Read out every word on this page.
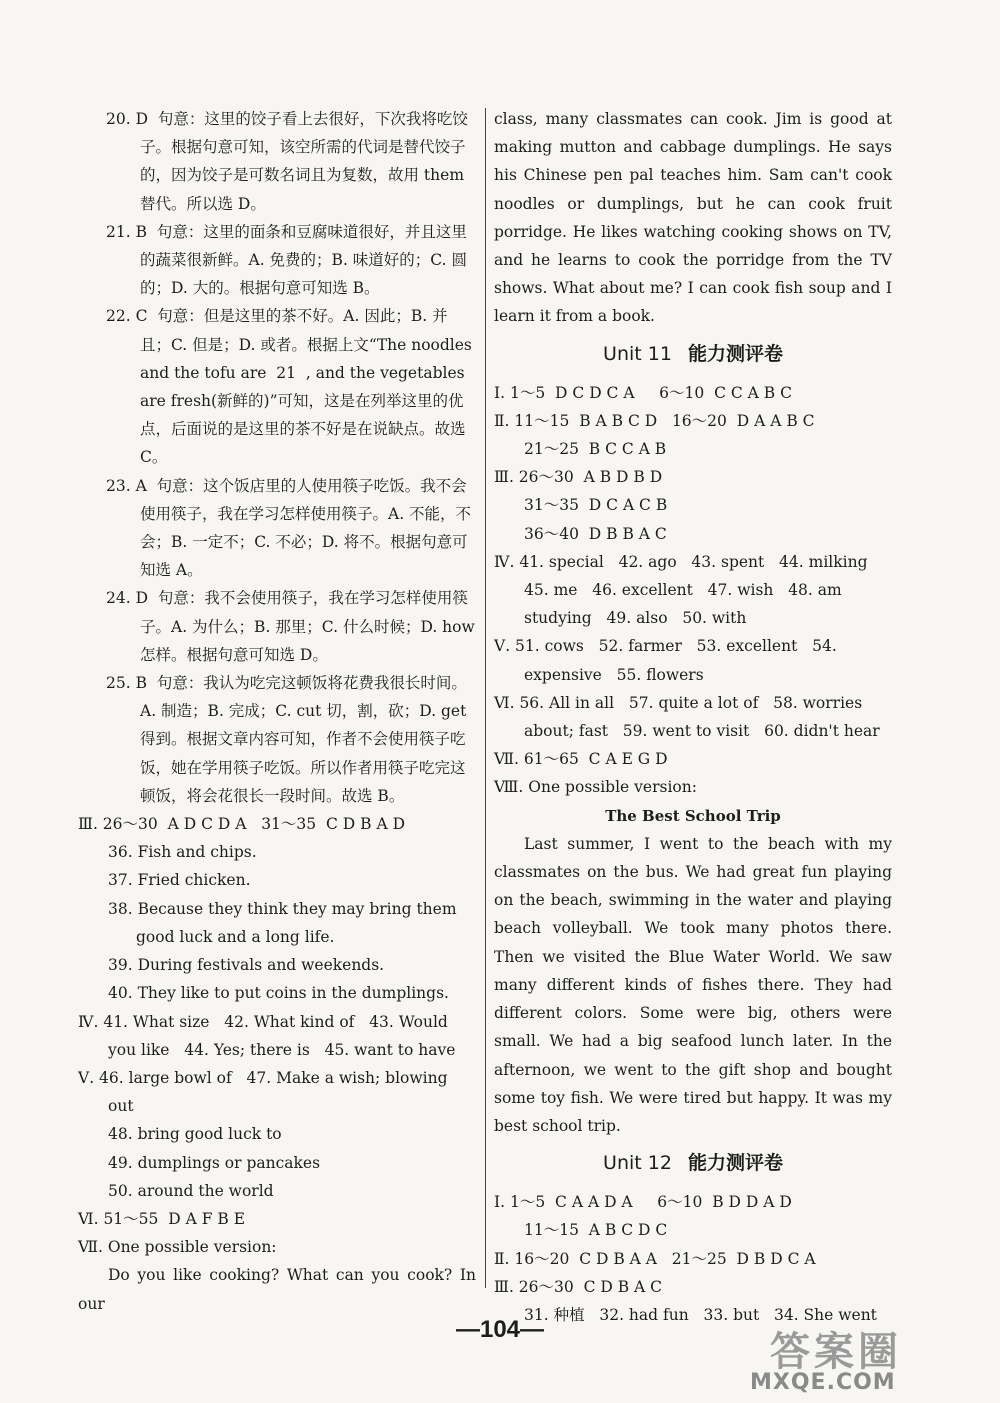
20. D  句意：这里的饺子看上去很好，下次我将吃饺子。根据句意可知，该空所需的代词是替代饺子的，因为饺子是可数名词且为复数，故用 them 替代。所以选 D。

21. B  句意：这里的面条和豆腐味道很好，并且这里的蔬菜很新鲜。A. 免费的；B. 味道好的；C. 圆的；D. 大的。根据句意可知选 B。

22. C  句意：但是这里的茶不好。A. 因此；B. 并且；C. 但是；D. 或者。根据上文“The noodles and the tofu are  21  , and the vegetables are fresh(新鲜的)”可知，这是在列举这里的优点，后面说的是这里的茶不好是在说缺点。故选 C。

23. A  句意：这个饭店里的人使用筷子吃饭。我不会使用筷子，我在学习怎样使用筷子。A. 不能，不会；B. 一定不；C. 不必；D. 将不。根据句意可知选 A。

24. D  句意：我不会使用筷子，我在学习怎样使用筷子。A. 为什么；B. 那里；C. 什么时候；D. how 怎样。根据句意可知选 D。

25. B  句意：我认为吃完这顿饭将花费我很长时间。A. 制造；B. 完成；C. cut 切，割，砍；D. get 得到。根据文章内容可知，作者不会使用筷子吃饭，她在学用筷子吃饭。所以作者用筷子吃完这顿饭，将会花很长一段时间。故选 B。

Ⅲ. 26～30  A D C D A   31～35  C D B A D

36. Fish and chips.

37. Fried chicken.

38. Because they think they may bring them good luck and a long life.

39. During festivals and weekends.

40. They like to put coins in the dumplings.

Ⅳ. 41. What size   42. What kind of   43. Would you like   44. Yes; there is   45. want to have

Ⅴ. 46. large bowl of   47. Make a wish; blowing out

48. bring good luck to

49. dumplings or pancakes

50. around the world

Ⅵ. 51～55  D A F B E

Ⅶ. One possible version:

Do you like cooking? What can you cook? In our

class, many classmates can cook. Jim is good at making mutton and cabbage dumplings. He says his Chinese pen pal teaches him. Sam can't cook noodles or dumplings, but he can cook fruit porridge. He likes watching cooking shows on TV, and he learns to cook the porridge from the TV shows. What about me? I can cook fish soup and I learn it from a book.

Unit 11 能力测评卷

Ⅰ. 1～5  D C D C A     6～10  C C A B C

Ⅱ. 11～15  B A B C D   16～20  D A A B C

21～25  B C C A B

Ⅲ. 26～30  A B D B D

31～35  D C A C B

36～40  D B B A C

Ⅳ. 41. special   42. ago   43. spent   44. milking   45. me   46. excellent   47. wish   48. am studying   49. also   50. with

Ⅴ. 51. cows   52. farmer   53. excellent   54. expensive   55. flowers

Ⅵ. 56. All in all   57. quite a lot of   58. worries about; fast   59. went to visit   60. didn't hear

Ⅶ. 61～65  C A E G D

Ⅷ. One possible version:

The Best School Trip

Last summer, I went to the beach with my classmates on the bus. We had great fun playing on the beach, swimming in the water and playing beach volleyball. We took many photos there. Then we visited the Blue Water World. We saw many different kinds of fishes there. They had different colors. Some were big, others were small. We had a big seafood lunch later. In the afternoon, we went to the gift shop and bought some toy fish. We were tired but happy. It was my best school trip.

Unit 12 能力测评卷

Ⅰ. 1～5  C A A D A     6～10  B D D A D

11～15  A B C D C

Ⅱ. 16～20  C D B A A   21～25  D B D C A

Ⅲ. 26～30  C D B A C

31. 种植   32. had fun   33. but   34. She went

—104—	答案圈
MXQE.COM
